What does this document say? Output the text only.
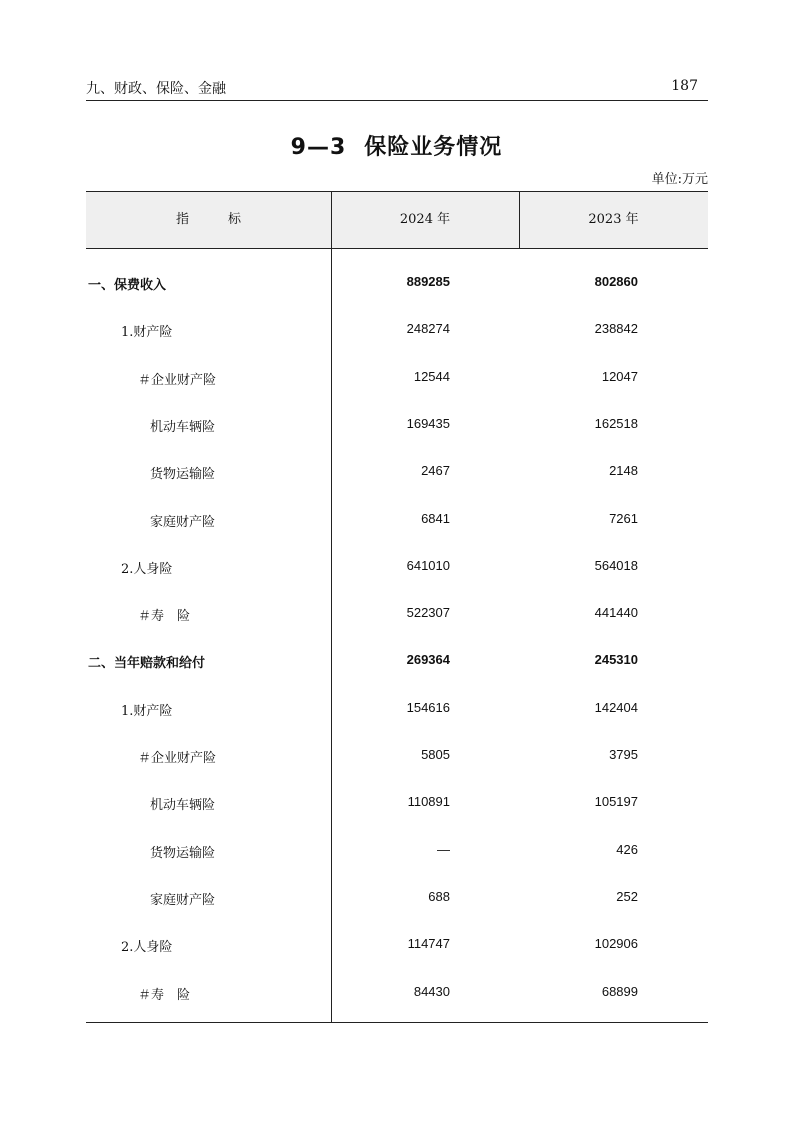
九、财政、保险、金融	187
9—3 保险业务情况
单位:万元
指　　　标	2024 年	2023 年
一、保费收入	889285	802860
1.财产险	248274	238842
＃企业财产险	12544	12047
机动车辆险	169435	162518
货物运输险	2467	2148
家庭财产险	6841	7261
2.人身险	641010	564018
＃寿　险	522307	441440
二、当年赔款和给付	269364	245310
1.财产险	154616	142404
＃企业财产险	5805	3795
机动车辆险	110891	105197
货物运输险	—	426
家庭财产险	688	252
2.人身险	114747	102906
＃寿　险	84430	68899
